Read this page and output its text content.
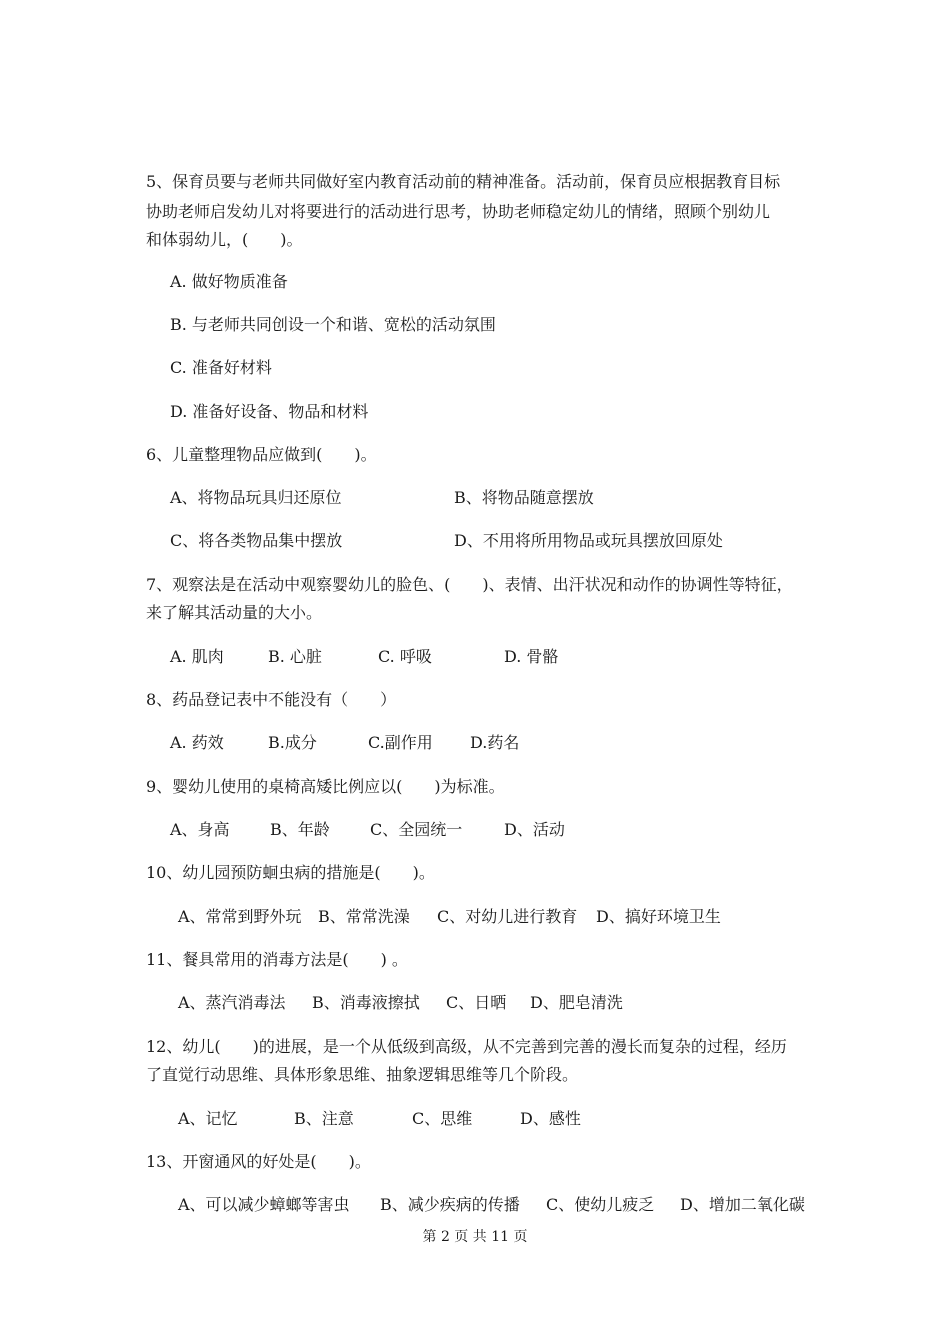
5、保育员要与老师共同做好室内教育活动前的精神准备。活动前，保育员应根据教育目标
协助老师启发幼儿对将要进行的活动进行思考，协助老师稳定幼儿的情绪，照顾个别幼儿
和体弱幼儿，(　　)。
A. 做好物质准备
B. 与老师共同创设一个和谐、宽松的活动氛围
C. 准备好材料
D. 准备好设备、物品和材料
6、儿童整理物品应做到(　　)。
A、将物品玩具归还原位	B、将物品随意摆放
C、将各类物品集中摆放	D、不用将所用物品或玩具摆放回原处
7、观察法是在活动中观察婴幼儿的脸色、(　　)、表情、出汗状况和动作的协调性等特征，
来了解其活动量的大小。
A. 肌肉	B. 心脏	C. 呼吸	D. 骨骼
8、药品登记表中不能没有（　　）
A. 药效	B.成分	C.副作用 D.药名
9、婴幼儿使用的桌椅高矮比例应以(　　)为标准。
A、身高	B、年龄	C、全园统一	D、活动
10、幼儿园预防蛔虫病的措施是(　　)。
A、常常到野外玩 B、常常洗澡 C、对幼儿进行教育 D、搞好环境卫生
11、餐具常用的消毒方法是(　　) 。
A、蒸汽消毒法 B、消毒液擦拭 C、日晒 D、肥皂清洗
12、幼儿(　　)的进展，是一个从低级到高级，从不完善到完善的漫长而复杂的过程，经历
了直觉行动思维、具体形象思维、抽象逻辑思维等几个阶段。
A、记忆	B、注意	C、思维	D、感性
13、开窗通风的好处是(　　)。
A、可以减少蟑螂等害虫 B、减少疾病的传播 C、使幼儿疲乏 D、增加二氧化碳
第 2 页 共 11 页
